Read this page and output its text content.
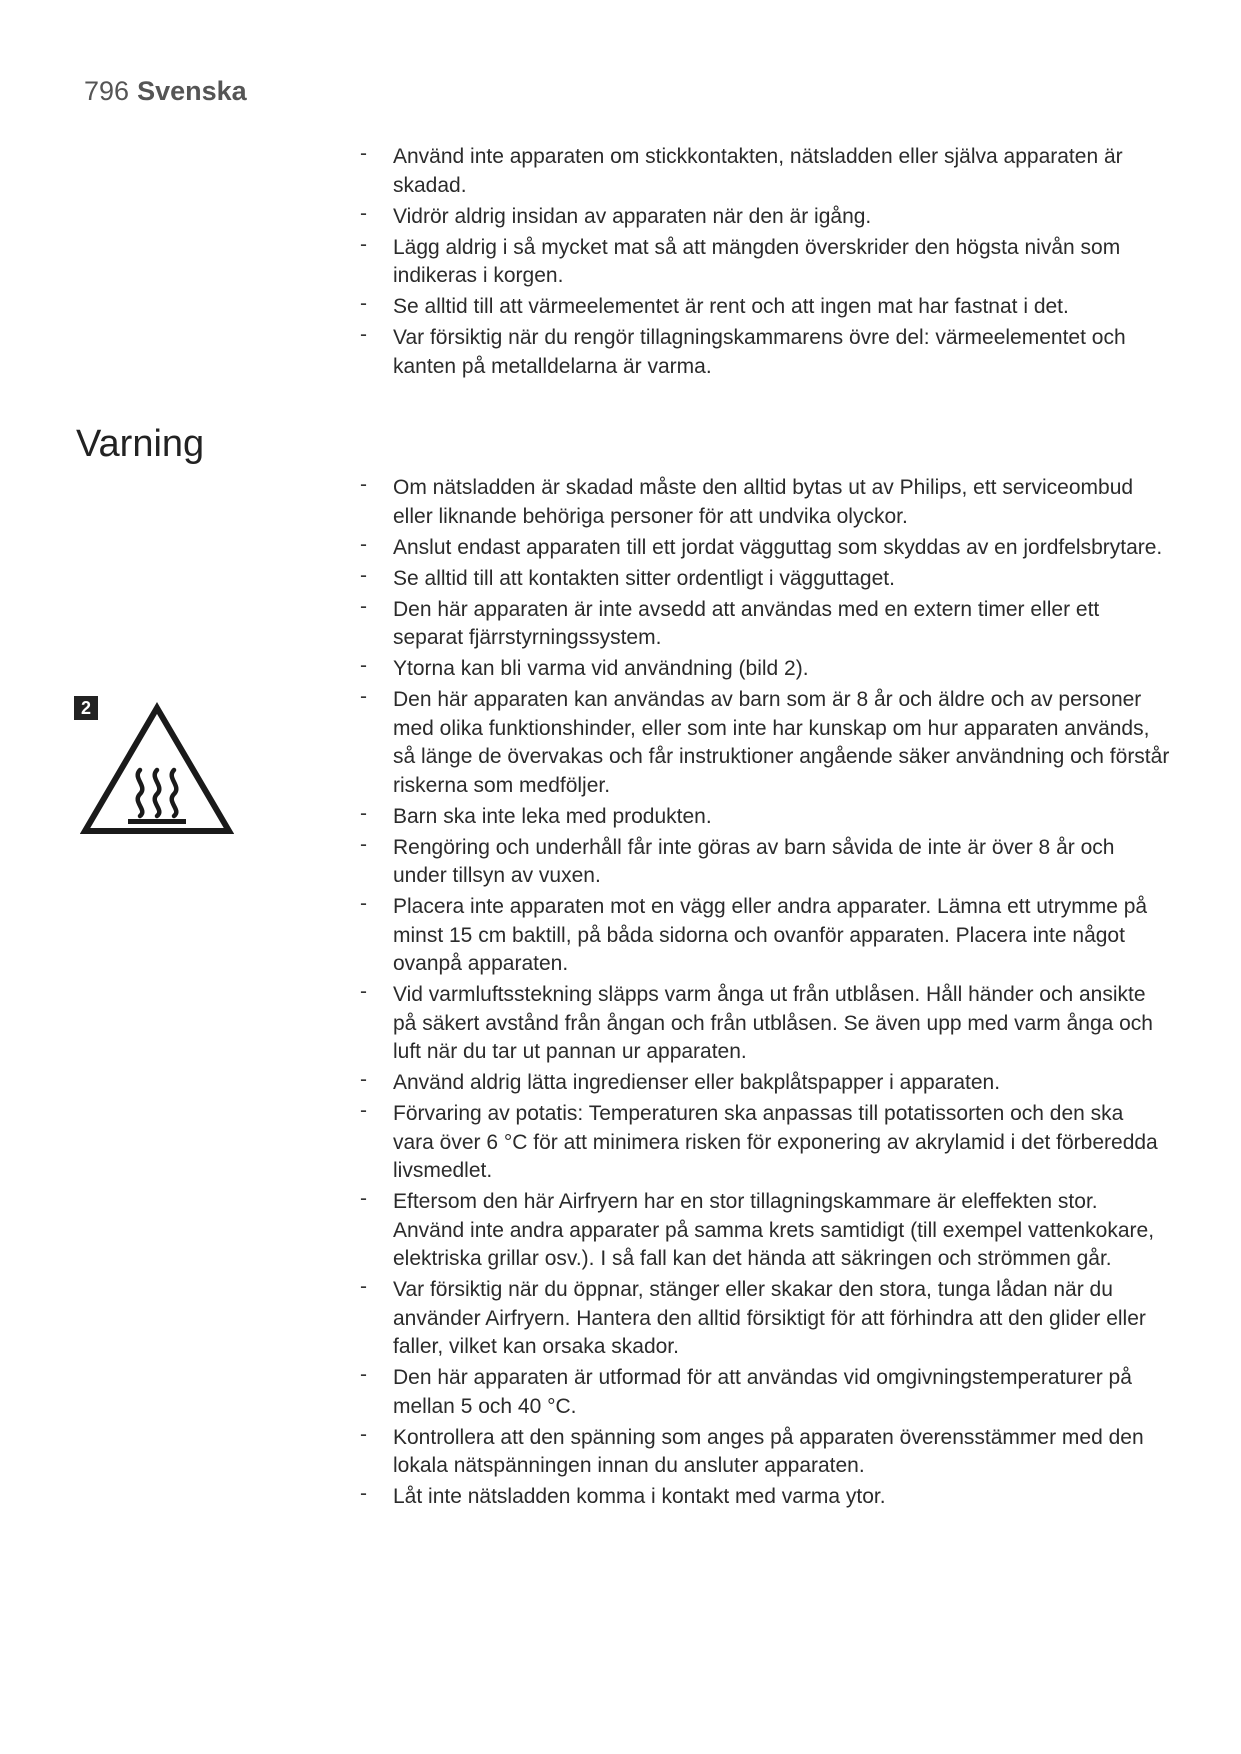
796 Svenska
- Använd inte apparaten om stickkontakten, nätsladden eller själva apparaten är skadad.
- Vidrör aldrig insidan av apparaten när den är igång.
- Lägg aldrig i så mycket mat så att mängden överskrider den högsta nivån som indikeras i korgen.
- Se alltid till att värmeelementet är rent och att ingen mat har fastnat i det.
- Var försiktig när du rengör tillagningskammarens övre del: värmeelementet och kanten på metalldelarna är varma.
Varning
2
- Om nätsladden är skadad måste den alltid bytas ut av Philips, ett serviceombud eller liknande behöriga personer för att undvika olyckor.
- Anslut endast apparaten till ett jordat vägguttag som skyddas av en jordfelsbrytare.
- Se alltid till att kontakten sitter ordentligt i vägguttaget.
- Den här apparaten är inte avsedd att användas med en extern timer eller ett separat fjärrstyrningssystem.
- Ytorna kan bli varma vid användning (bild 2).
- Den här apparaten kan användas av barn som är 8 år och äldre och av personer med olika funktionshinder, eller som inte har kunskap om hur apparaten används, så länge de övervakas och får instruktioner angående säker användning och förstår riskerna som medföljer.
- Barn ska inte leka med produkten.
- Rengöring och underhåll får inte göras av barn såvida de inte är över 8 år och under tillsyn av vuxen.
- Placera inte apparaten mot en vägg eller andra apparater. Lämna ett utrymme på minst 15 cm baktill, på båda sidorna och ovanför apparaten. Placera inte något ovanpå apparaten.
- Vid varmluftsstekning släpps varm ånga ut från utblåsen. Håll händer och ansikte på säkert avstånd från ångan och från utblåsen. Se även upp med varm ånga och luft när du tar ut pannan ur apparaten.
- Använd aldrig lätta ingredienser eller bakplåtspapper i apparaten.
- Förvaring av potatis: Temperaturen ska anpassas till potatissorten och den ska vara över 6 °C för att minimera risken för exponering av akrylamid i det förberedda livsmedlet.
- Eftersom den här Airfryern har en stor tillagningskammare är eleffekten stor. Använd inte andra apparater på samma krets samtidigt (till exempel vattenkokare, elektriska grillar osv.). I så fall kan det hända att säkringen och strömmen går.
- Var försiktig när du öppnar, stänger eller skakar den stora, tunga lådan när du använder Airfryern. Hantera den alltid försiktigt för att förhindra att den glider eller faller, vilket kan orsaka skador.
- Den här apparaten är utformad för att användas vid omgivningstemperaturer på mellan 5 och 40 °C.
- Kontrollera att den spänning som anges på apparaten överensstämmer med den lokala nätspänningen innan du ansluter apparaten.
- Låt inte nätsladden komma i kontakt med varma ytor.
